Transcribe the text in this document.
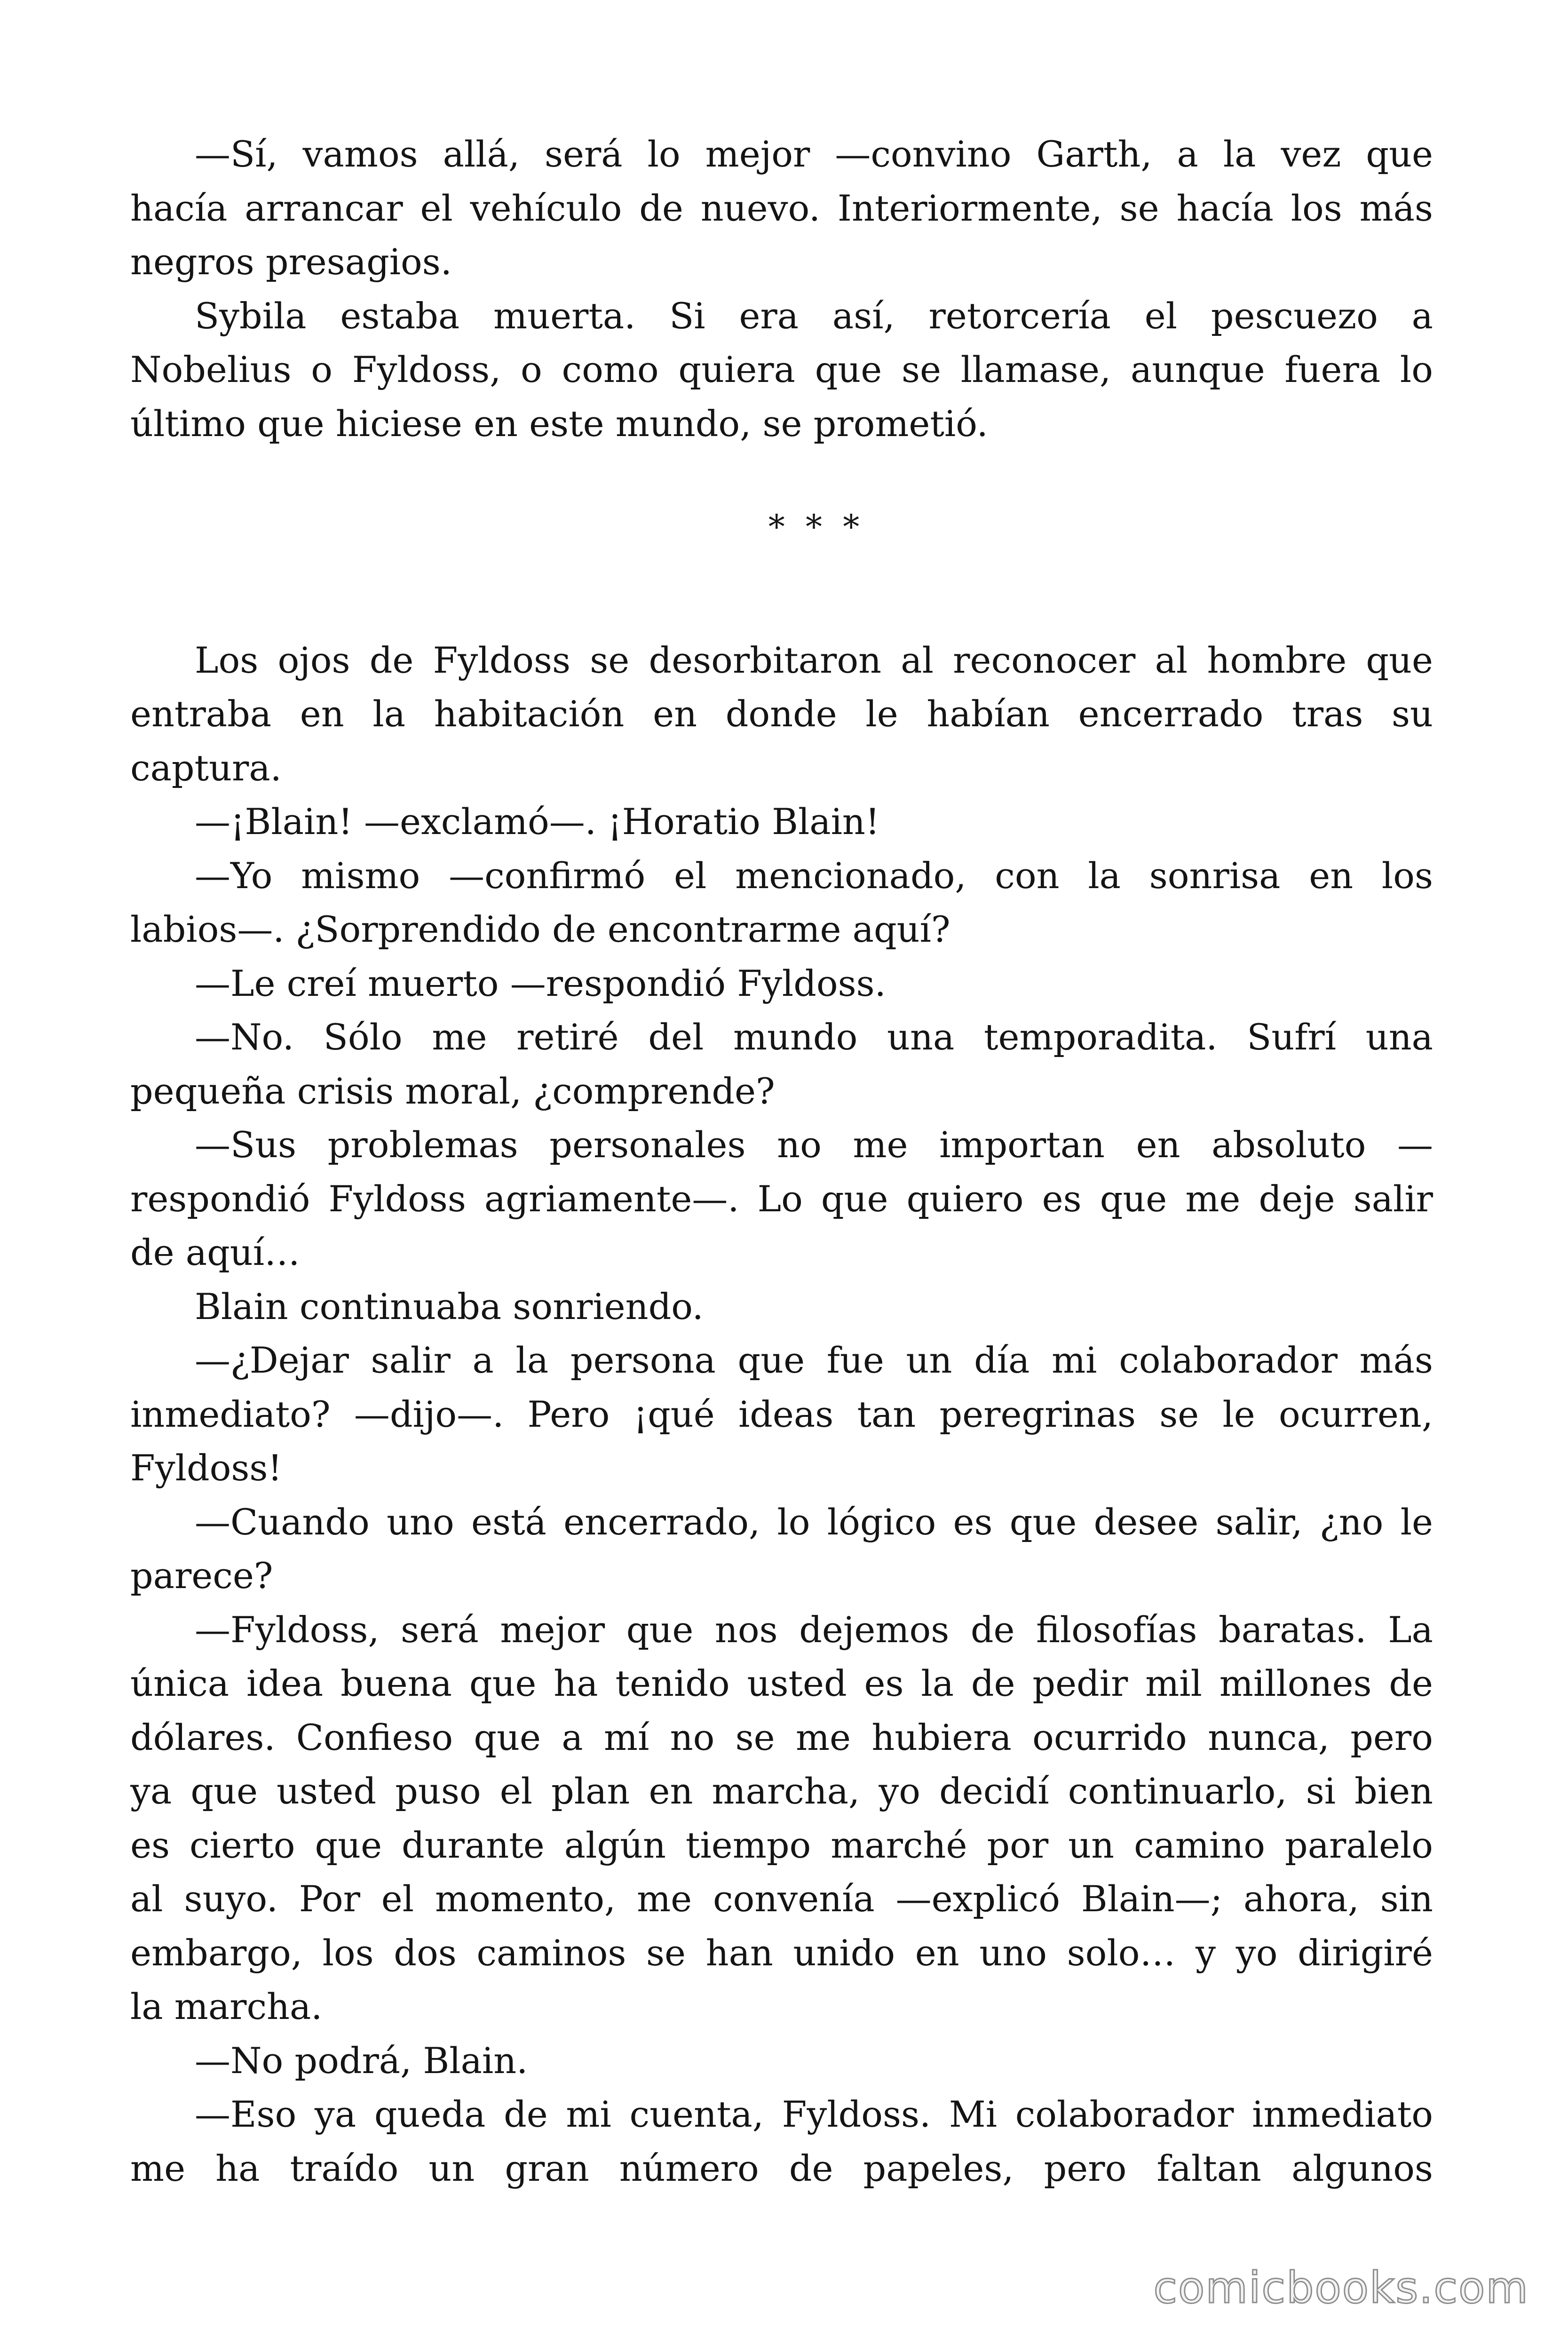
—Sí, vamos allá, será lo mejor —convino Garth, a la vez que
hacía arrancar el vehículo de nuevo. Interiormente, se hacía los más
negros presagios.
Sybila estaba muerta. Si era así, retorcería el pescuezo a
Nobelius o Fyldoss, o como quiera que se llamase, aunque fuera lo
último que hiciese en este mundo, se prometió.
* * *
Los ojos de Fyldoss se desorbitaron al reconocer al hombre que
entraba en la habitación en donde le habían encerrado tras su
captura.
—¡Blain! —exclamó—. ¡Horatio Blain!
—Yo mismo —confirmó el mencionado, con la sonrisa en los
labios—. ¿Sorprendido de encontrarme aquí?
—Le creí muerto —respondió Fyldoss.
—No. Sólo me retiré del mundo una temporadita. Sufrí una
pequeña crisis moral, ¿comprende?
—Sus problemas personales no me importan en absoluto —
respondió Fyldoss agriamente—. Lo que quiero es que me deje salir
de aquí…
Blain continuaba sonriendo.
—¿Dejar salir a la persona que fue un día mi colaborador más
inmediato? —dijo—. Pero ¡qué ideas tan peregrinas se le ocurren,
Fyldoss!
—Cuando uno está encerrado, lo lógico es que desee salir, ¿no le
parece?
—Fyldoss, será mejor que nos dejemos de filosofías baratas. La
única idea buena que ha tenido usted es la de pedir mil millones de
dólares. Confieso que a mí no se me hubiera ocurrido nunca, pero
ya que usted puso el plan en marcha, yo decidí continuarlo, si bien
es cierto que durante algún tiempo marché por un camino paralelo
al suyo. Por el momento, me convenía —explicó Blain—; ahora, sin
embargo, los dos caminos se han unido en uno solo… y yo dirigiré
la marcha.
—No podrá, Blain.
—Eso ya queda de mi cuenta, Fyldoss. Mi colaborador inmediato
me ha traído un gran número de papeles, pero faltan algunos
comicbooks.com
